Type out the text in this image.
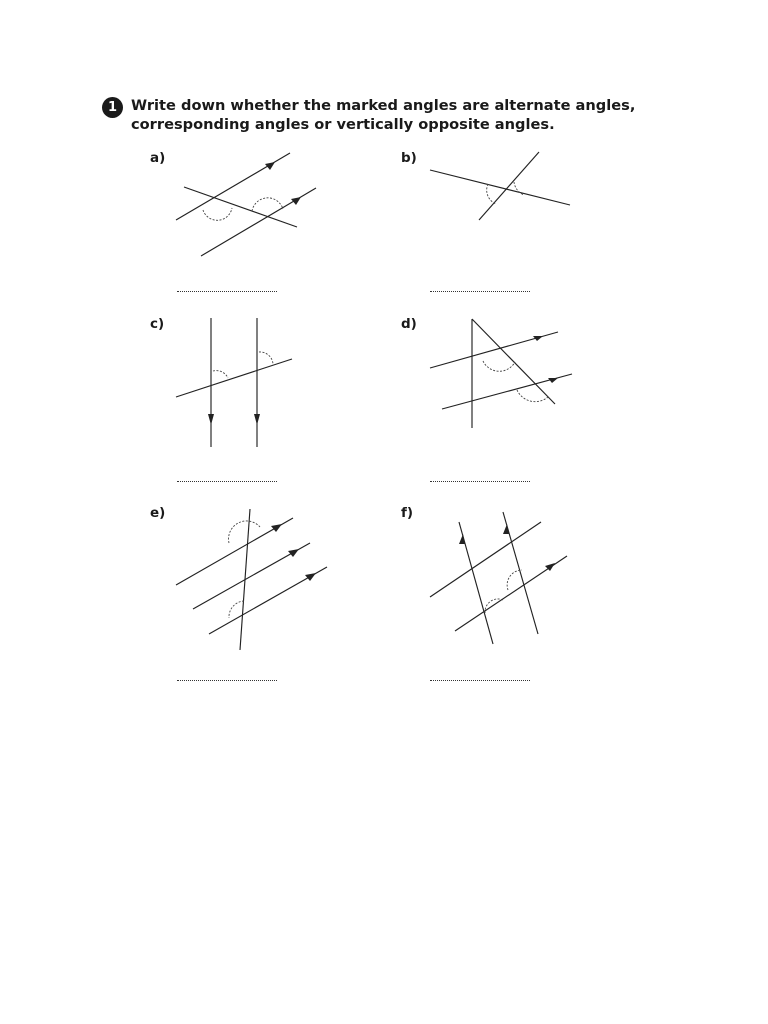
1 Write down whether the marked angles are alternate angles, corresponding angles or vertically opposite angles.

a)	b)
c)	d)
e)	f)
